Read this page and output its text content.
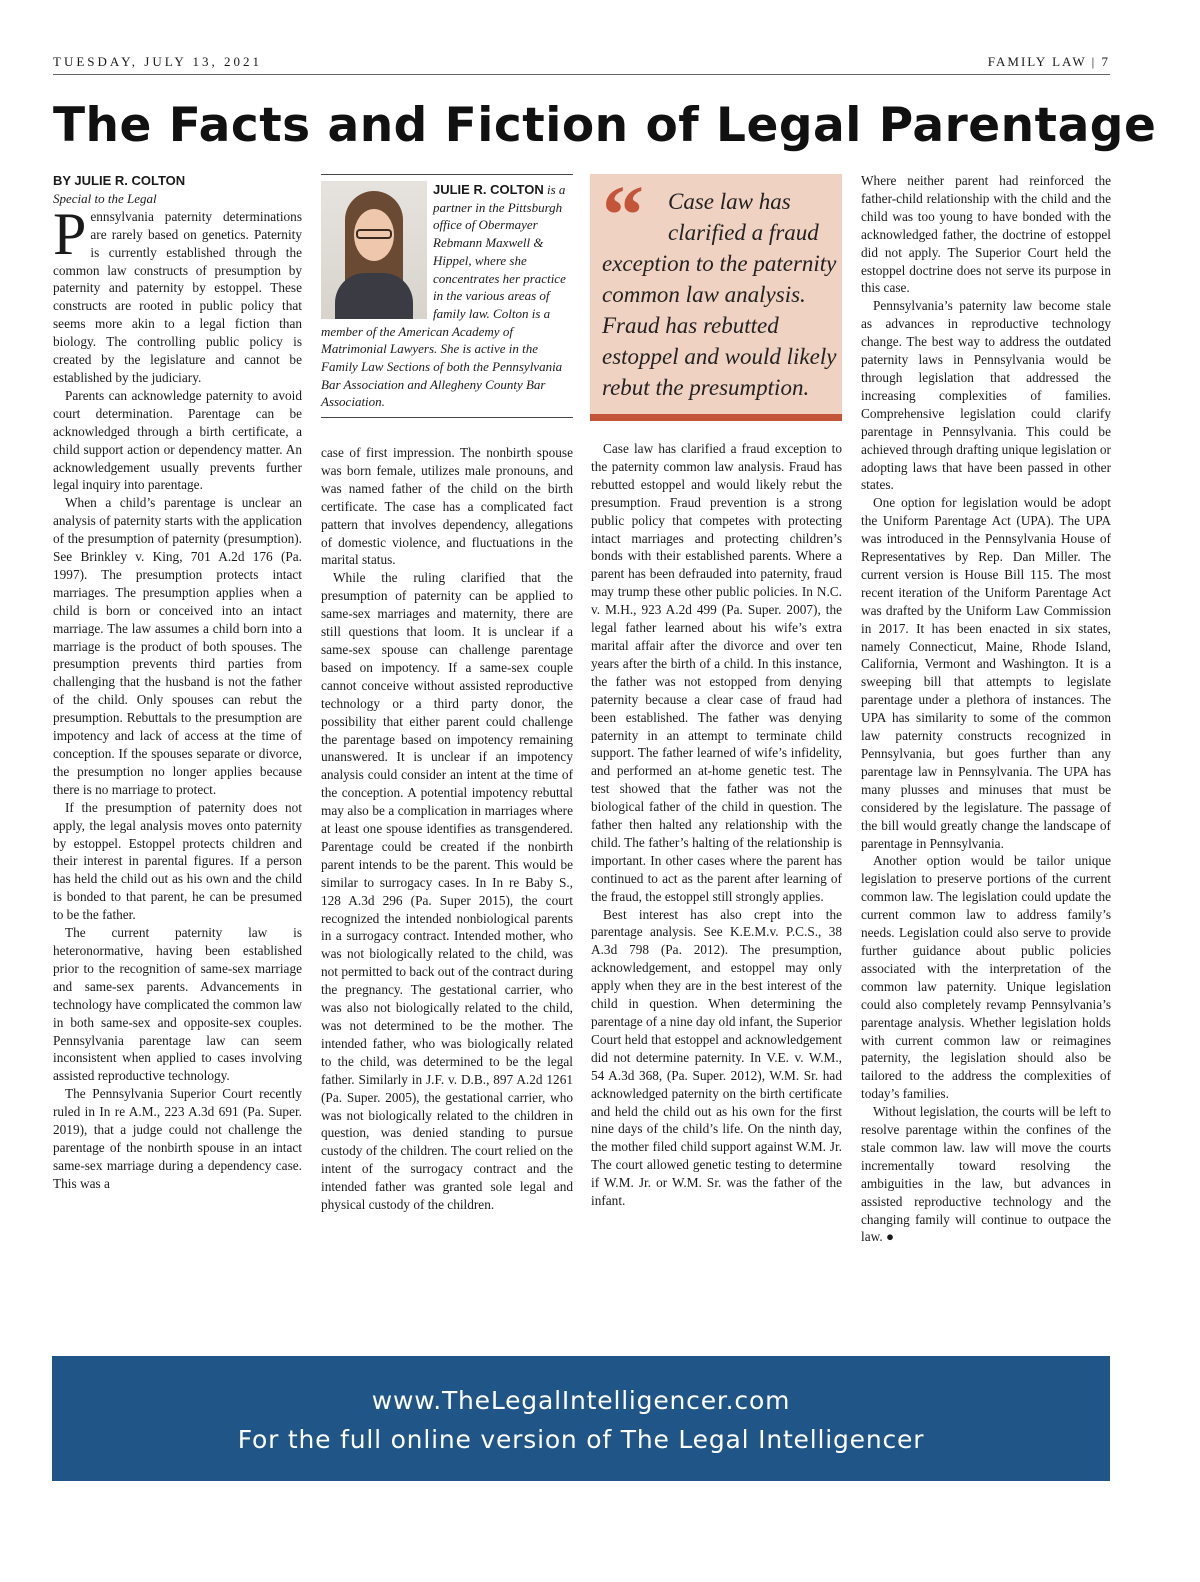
TUESDAY, JULY 13, 2021	FAMILY LAW | 7
The Facts and Fiction of Legal Parentage

BY JULIE R. COLTON

Special to the Legal

Pennsylvania paternity determinations are rarely based on genetics. Paternity is currently established through the common law constructs of presumption by paternity and paternity by estoppel. These constructs are rooted in public policy that seems more akin to a legal fiction than biology. The controlling public policy is created by the legislature and cannot be established by the judiciary.

Parents can acknowledge paternity to avoid court determination. Parentage can be acknowledged through a birth certificate, a child support action or dependency matter. An acknowledgement usually prevents further legal inquiry into parentage.

When a child’s parentage is unclear an analysis of paternity starts with the application of the presumption of paternity (presumption). See Brinkley v. King, 701 A.2d 176 (Pa. 1997). The presumption protects intact marriages. The presumption applies when a child is born or conceived into an intact marriage. The law assumes a child born into a marriage is the product of both spouses. The presumption prevents third parties from challenging that the husband is not the father of the child. Only spouses can rebut the presumption. Rebuttals to the presumption are impotency and lack of access at the time of conception. If the spouses separate or divorce, the presumption no longer applies because there is no marriage to protect.

If the presumption of paternity does not apply, the legal analysis moves onto paternity by estoppel. Estoppel protects children and their interest in parental figures. If a person has held the child out as his own and the child is bonded to that parent, he can be presumed to be the father.

The current paternity law is heteronormative, having been established prior to the recognition of same-sex marriage and same-sex parents. Advancements in technology have complicated the common law in both same-sex and opposite-sex couples. Pennsylvania parentage law can seem inconsistent when applied to cases involving assisted reproductive technology.

The Pennsylvania Superior Court recently ruled in In re A.M., 223 A.3d 691 (Pa. Super. 2019), that a judge could not challenge the parentage of the nonbirth spouse in an intact same-sex marriage during a dependency case. This was a

JULIE R. COLTON is a partner in the Pittsburgh office of Obermayer Rebmann Maxwell & Hippel, where she concentrates her practice in the various areas of family law. Colton is a member of the American Academy of Matrimonial Lawyers. She is active in the Family Law Sections of both the Pennsylvania Bar Association and Allegheny County Bar Association.

case of first impression. The nonbirth spouse was born female, utilizes male pronouns, and was named father of the child on the birth certificate. The case has a complicated fact pattern that involves dependency, allegations of domestic violence, and fluctuations in the marital status.

While the ruling clarified that the presumption of paternity can be applied to same-sex marriages and maternity, there are still questions that loom. It is unclear if a same-sex spouse can challenge parentage based on impotency. If a same-sex couple cannot conceive without assisted reproductive technology or a third party donor, the possibility that either parent could challenge the parentage based on impotency remaining unanswered. It is unclear if an impotency analysis could consider an intent at the time of the conception. A potential impotency rebuttal may also be a complication in marriages where at least one spouse identifies as transgendered. Parentage could be created if the nonbirth parent intends to be the parent. This would be similar to surrogacy cases. In In re Baby S., 128 A.3d 296 (Pa. Super 2015), the court recognized the intended nonbiological parents in a surrogacy contract. Intended mother, who was not biologically related to the child, was not permitted to back out of the contract during the pregnancy. The gestational carrier, who was also not biologically related to the child, was not determined to be the mother. The intended father, who was biologically related to the child, was determined to be the legal father. Similarly in J.F. v. D.B., 897 A.2d 1261 (Pa. Super. 2005), the gestational carrier, who was not biologically related to the children in question, was denied standing to pursue custody of the children. The court relied on the intent of the surrogacy contract and the intended father was granted sole legal and physical custody of the children.

“	Case law has
clarified a fraud
exception to the paternity
common law analysis.
Fraud has rebutted
estoppel and would likely
rebut the presumption.

Case law has clarified a fraud exception to the paternity common law analysis. Fraud has rebutted estoppel and would likely rebut the presumption. Fraud prevention is a strong public policy that competes with protecting intact marriages and protecting children’s bonds with their established parents. Where a parent has been defrauded into paternity, fraud may trump these other public policies. In N.C. v. M.H., 923 A.2d 499 (Pa. Super. 2007), the legal father learned about his wife’s extra marital affair after the divorce and over ten years after the birth of a child. In this instance, the father was not estopped from denying paternity because a clear case of fraud had been established. The father was denying paternity in an attempt to terminate child support. The father learned of wife’s infidelity, and performed an at-home genetic test. The test showed that the father was not the biological father of the child in question. The father then halted any relationship with the child. The father’s halting of the relationship is important. In other cases where the parent has continued to act as the parent after learning of the fraud, the estoppel still strongly applies.

Best interest has also crept into the parentage analysis. See K.E.M.v. P.C.S., 38 A.3d 798 (Pa. 2012). The presumption, acknowledgement, and estoppel may only apply when they are in the best interest of the child in question. When determining the parentage of a nine day old infant, the Superior Court held that estoppel and acknowledgement did not determine paternity. In V.E. v. W.M., 54 A.3d 368, (Pa. Super. 2012), W.M. Sr. had acknowledged paternity on the birth certificate and held the child out as his own for the first nine days of the child’s life. On the ninth day, the mother filed child support against W.M. Jr. The court allowed genetic testing to determine if W.M. Jr. or W.M. Sr. was the father of the infant.

Where neither parent had reinforced the father-child relationship with the child and the child was too young to have bonded with the acknowledged father, the doctrine of estoppel did not apply. The Superior Court held the estoppel doctrine does not serve its purpose in this case.

Pennsylvania’s paternity law become stale as advances in reproductive technology change. The best way to address the outdated paternity laws in Pennsylvania would be through legislation that addressed the increasing complexities of families. Comprehensive legislation could clarify parentage in Pennsylvania. This could be achieved through drafting unique legislation or adopting laws that have been passed in other states.

One option for legislation would be adopt the Uniform Parentage Act (UPA). The UPA was introduced in the Pennsylvania House of Representatives by Rep. Dan Miller. The current version is House Bill 115. The most recent iteration of the Uniform Parentage Act was drafted by the Uniform Law Commission in 2017. It has been enacted in six states, namely Connecticut, Maine, Rhode Island, California, Vermont and Washington. It is a sweeping bill that attempts to legislate parentage under a plethora of instances. The UPA has similarity to some of the common law paternity constructs recognized in Pennsylvania, but goes further than any parentage law in Pennsylvania. The UPA has many plusses and minuses that must be considered by the legislature. The passage of the bill would greatly change the landscape of parentage in Pennsylvania.

Another option would be tailor unique legislation to preserve portions of the current common law. The legislation could update the current common law to address family’s needs. Legislation could also serve to provide further guidance about public policies associated with the interpretation of the common law paternity. Unique legislation could also completely revamp Pennsylvania’s parentage analysis. Whether legislation holds with current common law or reimagines paternity, the legislation should also be tailored to the address the complexities of today’s families.

Without legislation, the courts will be left to resolve parentage within the confines of the stale common law. law will move the courts incrementally toward resolving the ambiguities in the law, but advances in assisted reproductive technology and the changing family will continue to outpace the law. ●

www.TheLegalIntelligencer.com
For the full online version of The Legal Intelligencer
